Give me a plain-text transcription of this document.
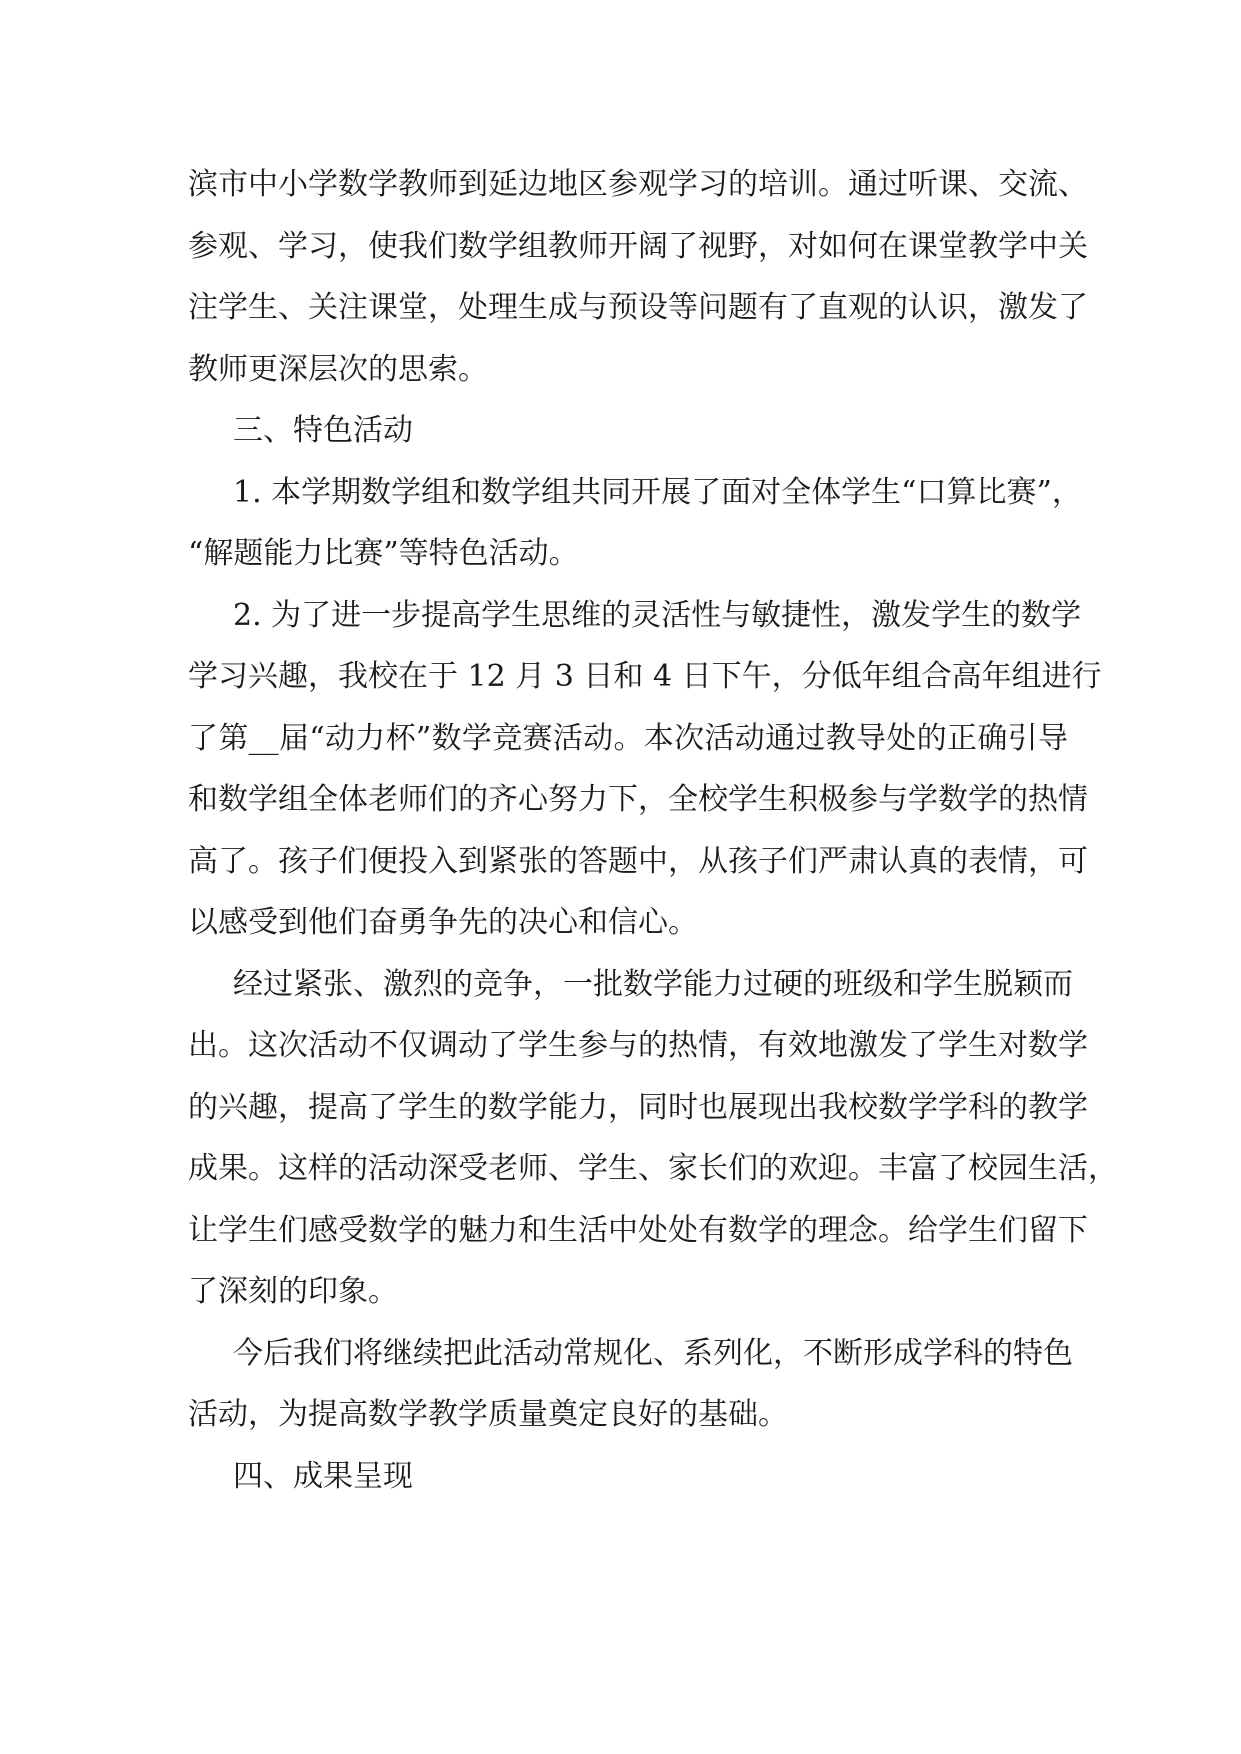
滨市中小学数学教师到延边地区参观学习的培训。通过听课、交流、
参观、学习，使我们数学组教师开阔了视野，对如何在课堂教学中关
注学生、关注课堂，处理生成与预设等问题有了直观的认识，激发了
教师更深层次的思索。
三、特色活动
1. 本学期数学组和数学组共同开展了面对全体学生“口算比赛”，
“解题能力比赛”等特色活动。
2. 为了进一步提高学生思维的灵活性与敏捷性，激发学生的数学
学习兴趣，我校在于 12 月 3 日和 4 日下午，分低年组合高年组进行
了第__届“动力杯”数学竞赛活动。本次活动通过教导处的正确引导
和数学组全体老师们的齐心努力下，全校学生积极参与学数学的热情
高了。孩子们便投入到紧张的答题中，从孩子们严肃认真的表情，可
以感受到他们奋勇争先的决心和信心。
经过紧张、激烈的竞争，一批数学能力过硬的班级和学生脱颖而
出。这次活动不仅调动了学生参与的热情，有效地激发了学生对数学
的兴趣，提高了学生的数学能力，同时也展现出我校数学学科的教学
成果。这样的活动深受老师、学生、家长们的欢迎。丰富了校园生活，
让学生们感受数学的魅力和生活中处处有数学的理念。给学生们留下
了深刻的印象。
今后我们将继续把此活动常规化、系列化，不断形成学科的特色
活动，为提高数学教学质量奠定良好的基础。
四、成果呈现
